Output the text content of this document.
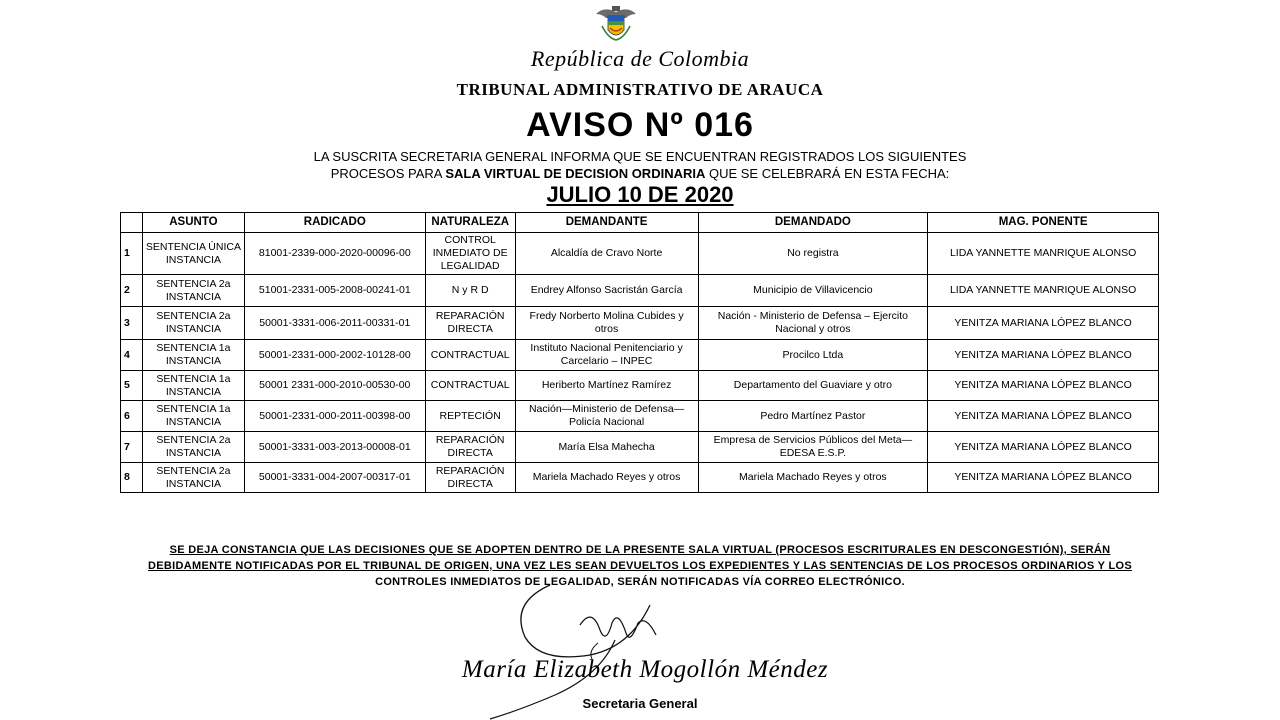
República de Colombia
TRIBUNAL ADMINISTRATIVO DE ARAUCA
AVISO Nº 016
LA SUSCRITA SECRETARIA GENERAL INFORMA QUE SE ENCUENTRAN REGISTRADOS LOS SIGUIENTES
PROCESOS PARA SALA VIRTUAL DE DECISION ORDINARIA QUE SE CELEBRARÁ EN ESTA FECHA:
JULIO 10 DE 2020
	ASUNTO	RADICADO	NATURALEZA	DEMANDANTE	DEMANDADO	MAG. PONENTE
1	SENTENCIA ÚNICA INSTANCIA	81001-2339-000-2020-00096-00	CONTROL INMEDIATO DE LEGALIDAD	Alcaldía de Cravo Norte	No registra	LIDA YANNETTE MANRIQUE ALONSO
2	SENTENCIA 2a INSTANCIA	51001-2331-005-2008-00241-01	N y R D	Endrey Alfonso Sacristán García	Municipio de Villavicencio	LIDA YANNETTE MANRIQUE ALONSO
3	SENTENCIA 2a INSTANCIA	50001-3331-006-2011-00331-01	REPARACIÓN DIRECTA	Fredy Norberto Molina Cubides y otros	Nación - Ministerio de Defensa – Ejercito Nacional y otros	YENITZA MARIANA LÓPEZ BLANCO
4	SENTENCIA 1a INSTANCIA	50001-2331-000-2002-10128-00	CONTRACTUAL	Instituto Nacional Penitenciario y Carcelario – INPEC	Procilco Ltda	YENITZA MARIANA LÓPEZ BLANCO
5	SENTENCIA 1a INSTANCIA	50001 2331-000-2010-00530-00	CONTRACTUAL	Heriberto Martínez Ramírez	Departamento del Guaviare y otro	YENITZA MARIANA LÓPEZ BLANCO
6	SENTENCIA 1a INSTANCIA	50001-2331-000-2011-00398-00	REPTECIÓN	Nación—Ministerio de Defensa—Policía Nacional	Pedro Martínez Pastor	YENITZA MARIANA LÓPEZ BLANCO
7	SENTENCIA 2a INSTANCIA	50001-3331-003-2013-00008-01	REPARACIÓN DIRECTA	María Elsa Mahecha	Empresa de Servicios Públicos del Meta—EDESA E.S.P.	YENITZA MARIANA LÓPEZ BLANCO
8	SENTENCIA 2a INSTANCIA	50001-3331-004-2007-00317-01	REPARACIÓN DIRECTA	Mariela Machado Reyes y otros	Mariela Machado Reyes y otros	YENITZA MARIANA LÓPEZ BLANCO
SE DEJA CONSTANCIA QUE LAS DECISIONES QUE SE ADOPTEN DENTRO DE LA PRESENTE SALA VIRTUAL (PROCESOS ESCRITURALES EN DESCONGESTIÓN), SERÁN
DEBIDAMENTE NOTIFICADAS POR EL TRIBUNAL DE ORIGEN, UNA VEZ LES SEAN DEVUELTOS LOS EXPEDIENTES Y LAS SENTENCIAS DE LOS PROCESOS ORDINARIOS Y LOS
CONTROLES INMEDIATOS DE LEGALIDAD, SERÁN NOTIFICADAS VÍA CORREO ELECTRÓNICO.
María Elizabeth Mogollón Méndez
Secretaria General
